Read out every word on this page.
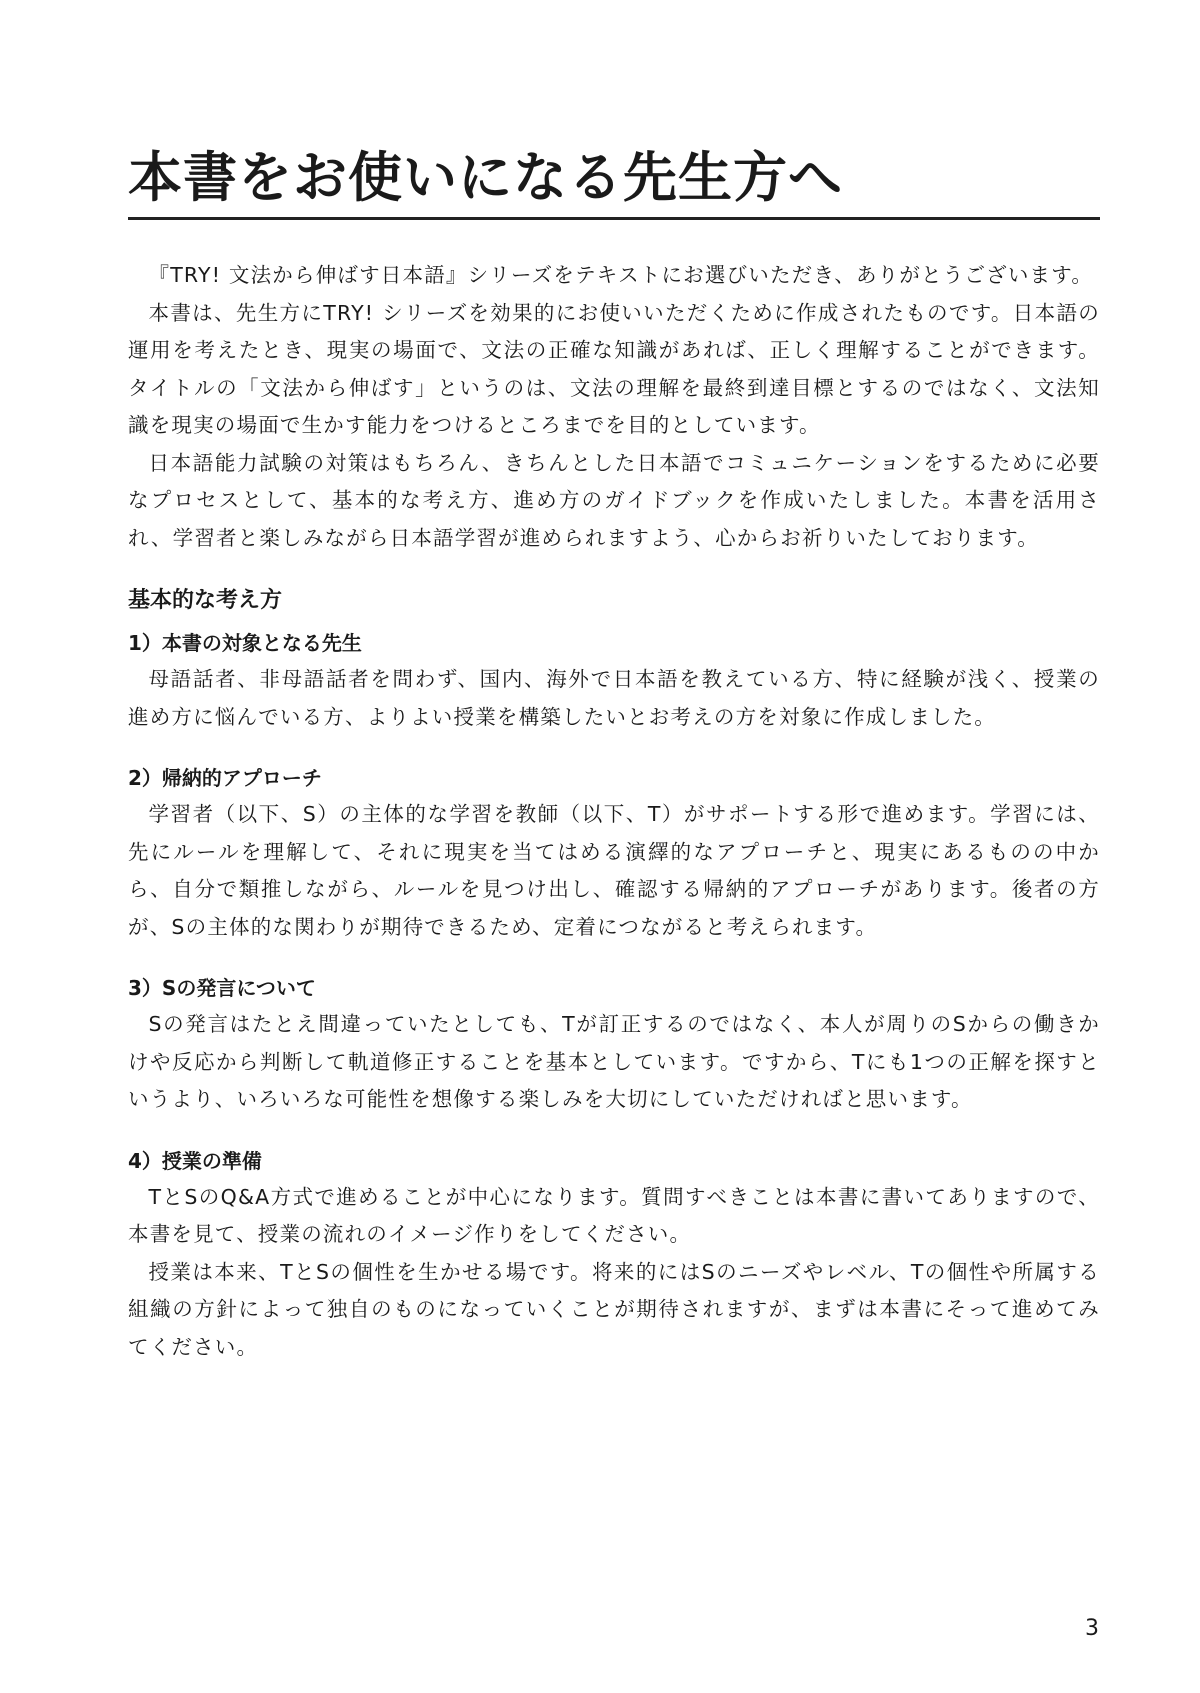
本書をお使いになる先生方へ

『TRY! 文法から伸ばす日本語』シリーズをテキストにお選びいただき、ありがとうございます。

本書は、先生方にTRY! シリーズを効果的にお使いいただくために作成されたものです。日本語の運用を考えたとき、現実の場面で、文法の正確な知識があれば、正しく理解することができます。タイトルの「文法から伸ばす」というのは、文法の理解を最終到達目標とするのではなく、文法知識を現実の場面で生かす能力をつけるところまでを目的としています。

日本語能力試験の対策はもちろん、きちんとした日本語でコミュニケーションをするために必要なプロセスとして、基本的な考え方、進め方のガイドブックを作成いたしました。本書を活用され、学習者と楽しみながら日本語学習が進められますよう、心からお祈りいたしております。

基本的な考え方
1）本書の対象となる先生

母語話者、非母語話者を問わず、国内、海外で日本語を教えている方、特に経験が浅く、授業の進め方に悩んでいる方、よりよい授業を構築したいとお考えの方を対象に作成しました。

2）帰納的アプローチ

学習者（以下、S）の主体的な学習を教師（以下、T）がサポートする形で進めます。学習には、先にルールを理解して、それに現実を当てはめる演繹的なアプローチと、現実にあるものの中から、自分で類推しながら、ルールを見つけ出し、確認する帰納的アプローチがあります。後者の方が、Sの主体的な関わりが期待できるため、定着につながると考えられます。

3）Sの発言について

Sの発言はたとえ間違っていたとしても、Tが訂正するのではなく、本人が周りのSからの働きかけや反応から判断して軌道修正することを基本としています。ですから、Tにも1つの正解を探すというより、いろいろな可能性を想像する楽しみを大切にしていただければと思います。

4）授業の準備

TとSのQ&A方式で進めることが中心になります。質問すべきことは本書に書いてありますので、本書を見て、授業の流れのイメージ作りをしてください。

授業は本来、TとSの個性を生かせる場です。将来的にはSのニーズやレベル、Tの個性や所属する組織の方針によって独自のものになっていくことが期待されますが、まずは本書にそって進めてみてください。

3
